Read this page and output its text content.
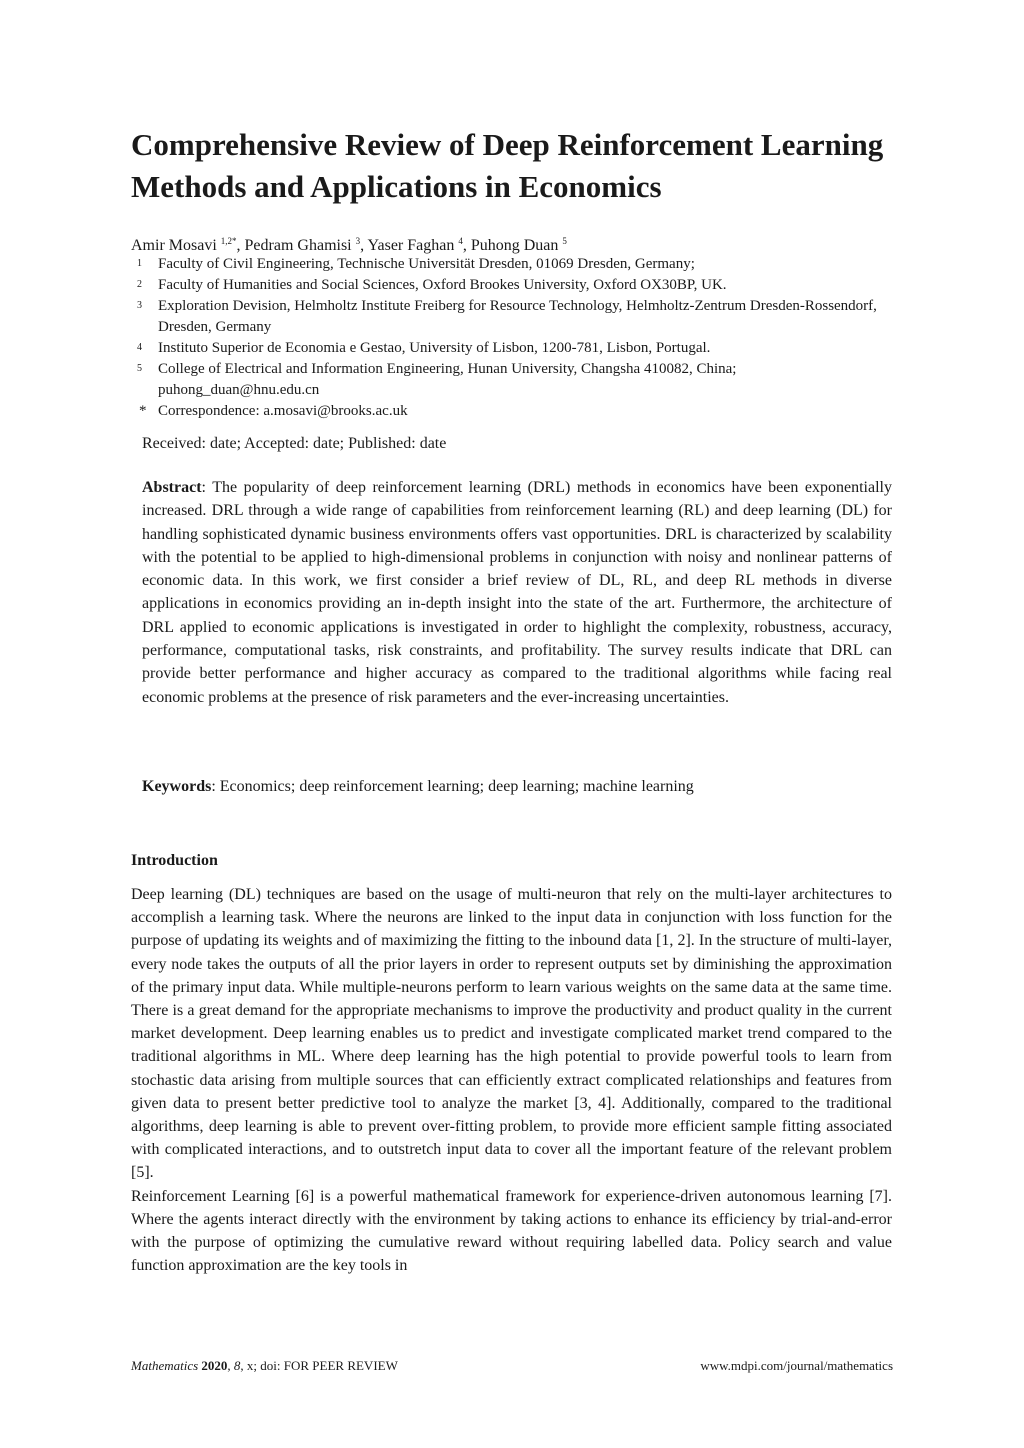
Comprehensive Review of Deep Reinforcement Learning Methods and Applications in Economics
Amir Mosavi $^{1,2*}$, Pedram Ghamisi $^3$, Yaser Faghan $^4$, Puhong Duan $^5$
1 Faculty of Civil Engineering, Technische Universität Dresden, 01069 Dresden, Germany;
2 Faculty of Humanities and Social Sciences, Oxford Brookes University, Oxford OX30BP, UK.
3 Exploration Devision, Helmholtz Institute Freiberg for Resource Technology, Helmholtz-Zentrum Dresden-Rossendorf, Dresden, Germany
4 Instituto Superior de Economia e Gestao, University of Lisbon, 1200-781, Lisbon, Portugal.
5 College of Electrical and Information Engineering, Hunan University, Changsha 410082, China; puhong_duan@hnu.edu.cn
* Correspondence: a.mosavi@brooks.ac.uk
Received: date; Accepted: date; Published: date

Abstract: The popularity of deep reinforcement learning (DRL) methods in economics have been exponentially increased. DRL through a wide range of capabilities from reinforcement learning (RL) and deep learning (DL) for handling sophisticated dynamic business environments offers vast opportunities. DRL is characterized by scalability with the potential to be applied to high-dimensional problems in conjunction with noisy and nonlinear patterns of economic data. In this work, we first consider a brief review of DL, RL, and deep RL methods in diverse applications in economics providing an in-depth insight into the state of the art. Furthermore, the architecture of DRL applied to economic applications is investigated in order to highlight the complexity, robustness, accuracy, performance, computational tasks, risk constraints, and profitability. The survey results indicate that DRL can provide better performance and higher accuracy as compared to the traditional algorithms while facing real economic problems at the presence of risk parameters and the ever-increasing uncertainties.

Keywords: Economics; deep reinforcement learning; deep learning; machine learning
Introduction

Deep learning (DL) techniques are based on the usage of multi-neuron that rely on the multi-layer architectures to accomplish a learning task. Where the neurons are linked to the input data in conjunction with loss function for the purpose of updating its weights and of maximizing the fitting to the inbound data [1, 2]. In the structure of multi-layer, every node takes the outputs of all the prior layers in order to represent outputs set by diminishing the approximation of the primary input data. While multiple-neurons perform to learn various weights on the same data at the same time. There is a great demand for the appropriate mechanisms to improve the productivity and product quality in the current market development. Deep learning enables us to predict and investigate complicated market trend compared to the traditional algorithms in ML. Where deep learning has the high potential to provide powerful tools to learn from stochastic data arising from multiple sources that can efficiently extract complicated relationships and features from given data to present better predictive tool to analyze the market [3, 4]. Additionally, compared to the traditional algorithms, deep learning is able to prevent over-fitting problem, to provide more efficient sample fitting associated with complicated interactions, and to outstretch input data to cover all the important feature of the relevant problem [5].

Reinforcement Learning [6] is a powerful mathematical framework for experience-driven autonomous learning [7]. Where the agents interact directly with the environment by taking actions to enhance its efficiency by trial-and-error with the purpose of optimizing the cumulative reward without requiring labelled data. Policy search and value function approximation are the key tools in

Mathematics 2020, 8, x; doi: FOR PEER REVIEW	www.mdpi.com/journal/mathematics
